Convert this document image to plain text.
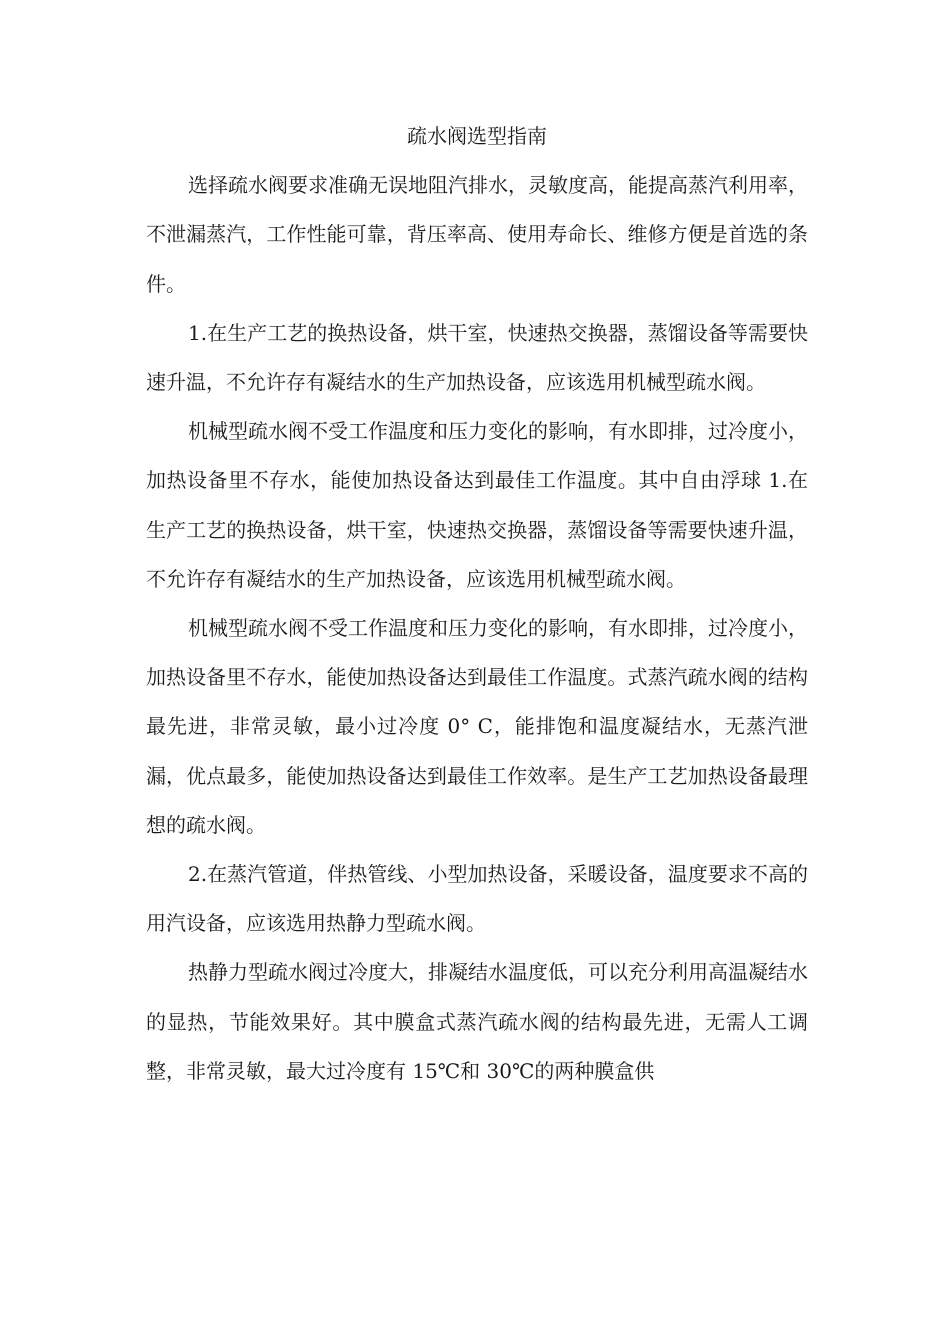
疏水阀选型指南

选择疏水阀要求准确无误地阻汽排水，灵敏度高，能提高蒸汽利用率，不泄漏蒸汽，工作性能可靠，背压率高、使用寿命长、维修方便是首选的条件。

1.在生产工艺的换热设备，烘干室，快速热交换器，蒸馏设备等需要快速升温，不允许存有凝结水的生产加热设备，应该选用机械型疏水阀。

机械型疏水阀不受工作温度和压力变化的影响，有水即排，过冷度小，加热设备里不存水，能使加热设备达到最佳工作温度。其中自由浮球 1.在生产工艺的换热设备，烘干室，快速热交换器，蒸馏设备等需要快速升温，不允许存有凝结水的生产加热设备，应该选用机械型疏水阀。

机械型疏水阀不受工作温度和压力变化的影响，有水即排，过冷度小，加热设备里不存水，能使加热设备达到最佳工作温度。式蒸汽疏水阀的结构最先进，非常灵敏，最小过冷度 0° C，能排饱和温度凝结水，无蒸汽泄漏，优点最多，能使加热设备达到最佳工作效率。是生产工艺加热设备最理想的疏水阀。

2.在蒸汽管道，伴热管线、小型加热设备，采暖设备，温度要求不高的用汽设备，应该选用热静力型疏水阀。

热静力型疏水阀过冷度大，排凝结水温度低，可以充分利用高温凝结水的显热，节能效果好。其中膜盒式蒸汽疏水阀的结构最先进，无需人工调整，非常灵敏，最大过冷度有 15℃和 30℃的两种膜盒供
